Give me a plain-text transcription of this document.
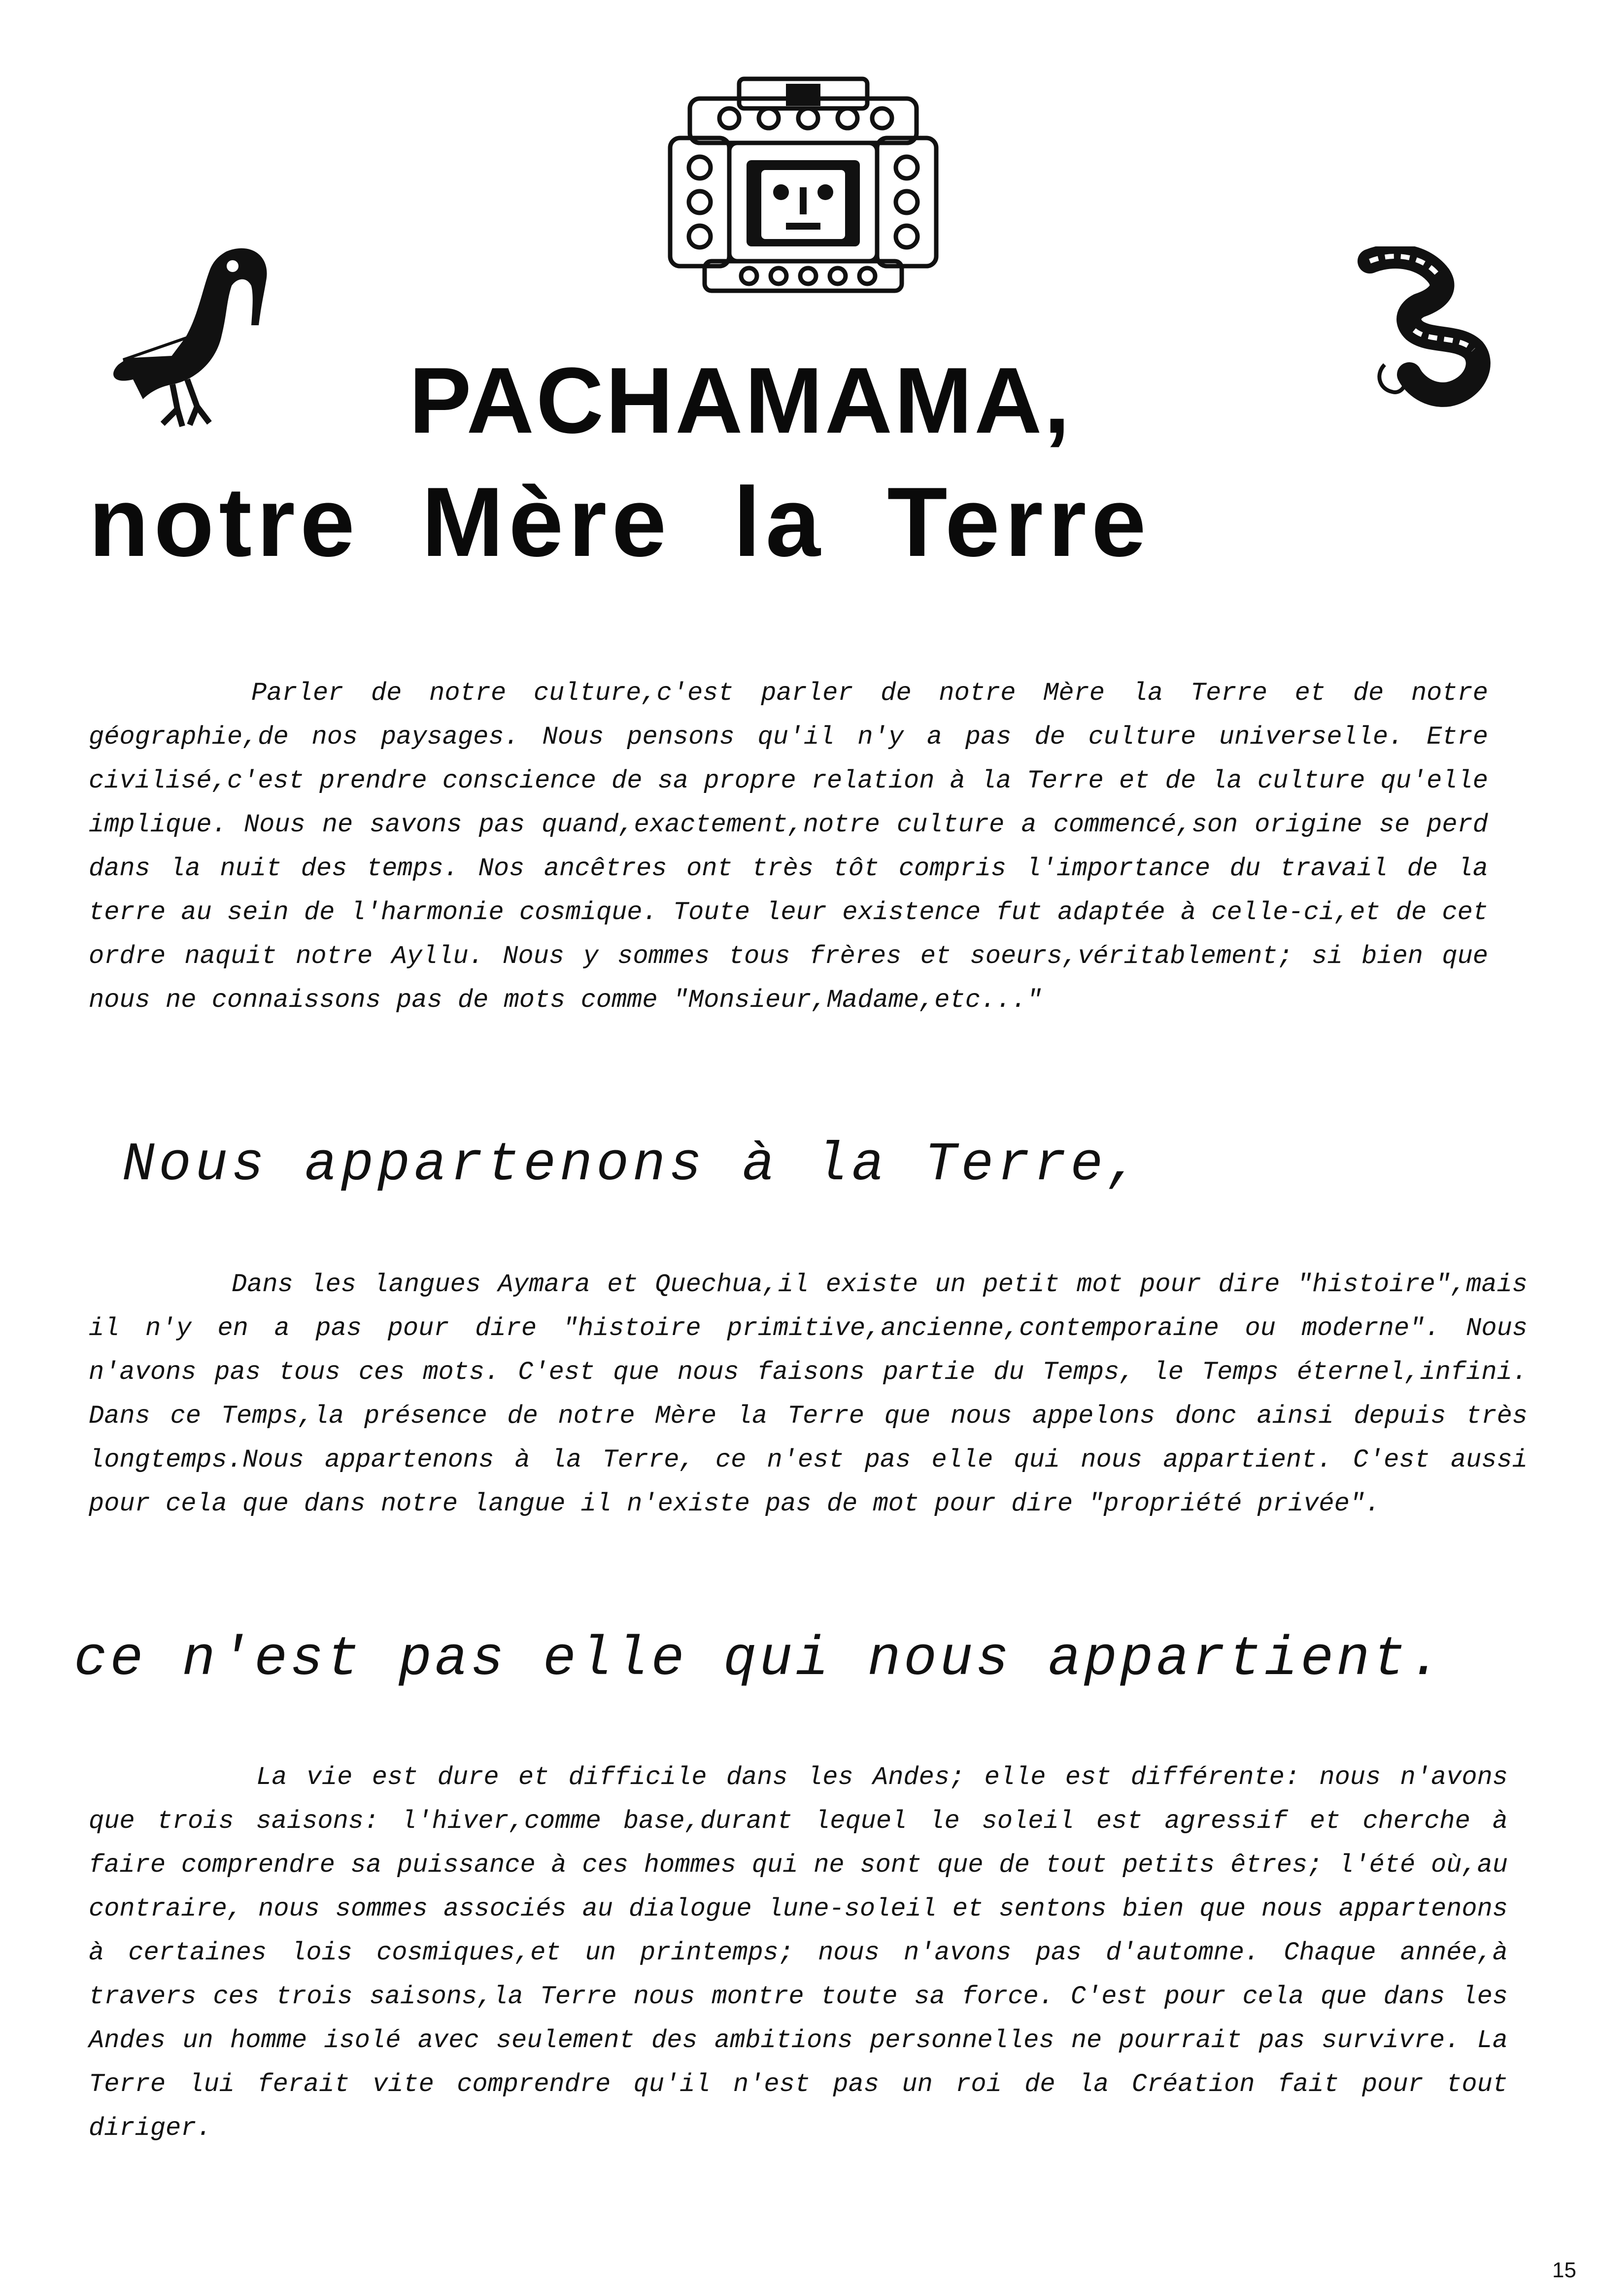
PACHAMAMA,
notre Mère la Terre

Parler de notre culture,c'est parler de notre Mère la Terre et de notre géographie,de nos paysages. Nous pensons qu'il n'y a pas de culture universelle. Etre civilisé,c'est prendre conscience de sa propre relation à la Terre et de la culture qu'elle implique. Nous ne savons pas quand,exactement,notre culture a commencé,son origine se perd dans la nuit des temps. Nos ancêtres ont très tôt compris l'importance du travail de la terre au sein de l'harmonie cosmique. Toute leur existence fut adaptée à celle-ci,et de cet ordre naquit notre Ayllu. Nous y sommes tous frères et soeurs,véritablement; si bien que nous ne connaissons pas de mots comme "Monsieur,Madame,etc..."

Nous appartenons à la Terre,

Dans les langues Aymara et Quechua,il existe un petit mot pour dire "histoire",mais il n'y en a pas pour dire "histoire primitive,ancienne,contemporaine ou moderne". Nous n'avons pas tous ces mots. C'est que nous faisons partie du Temps, le Temps éternel,infini. Dans ce Temps,la présence de notre Mère la Terre que nous appelons donc ainsi depuis très longtemps.Nous appartenons à la Terre, ce n'est pas elle qui nous appartient. C'est aussi pour cela que dans notre langue il n'existe pas de mot pour dire "propriété privée".

ce n'est pas elle qui nous appartient.

La vie est dure et difficile dans les Andes; elle est différente: nous n'avons que trois saisons: l'hiver,comme base,durant lequel le soleil est agressif et cherche à faire comprendre sa puissance à ces hommes qui ne sont que de tout petits êtres; l'été où,au contraire, nous sommes associés au dialogue lune-soleil et sentons bien que nous appartenons à certaines lois cosmiques,et un printemps; nous n'avons pas d'automne. Chaque année,à travers ces trois saisons,la Terre nous montre toute sa force. C'est pour cela que dans les Andes un homme isolé avec seulement des ambitions personnelles ne pourrait pas survivre. La Terre lui ferait vite comprendre qu'il n'est pas un roi de la Création fait pour tout diriger.

15
